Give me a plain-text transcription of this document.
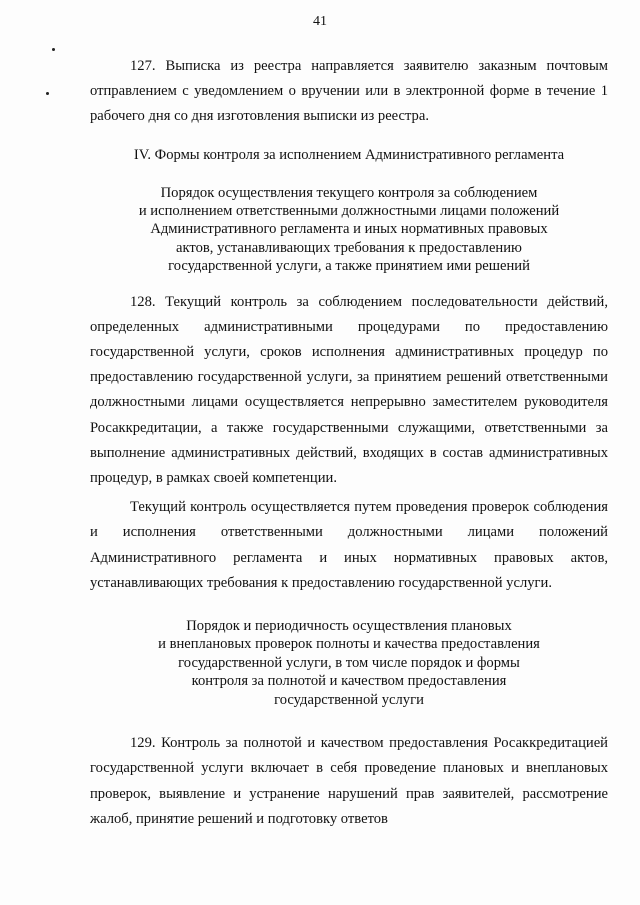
41

127. Выписка из реестра направляется заявителю заказным почтовым отправлением с уведомлением о вручении или в электронной форме в течение 1 рабочего дня со дня изготовления выписки из реестра.

IV. Формы контроля за исполнением Административного регламента

Порядок осуществления текущего контроля за соблюдением
и исполнением ответственными должностными лицами положений
Административного регламента и иных нормативных правовых
актов, устанавливающих требования к предоставлению
государственной услуги, а также принятием ими решений

128. Текущий контроль за соблюдением последовательности действий, определенных административными процедурами по предоставлению государственной услуги, сроков исполнения административных процедур по предоставлению государственной услуги, за принятием решений ответственными должностными лицами осуществляется непрерывно заместителем руководителя Росаккредитации, а также государственными служащими, ответственными за выполнение административных действий, входящих в состав административных процедур, в рамках своей компетенции.

Текущий контроль осуществляется путем проведения проверок соблюдения и исполнения ответственными должностными лицами положений Административного регламента и иных нормативных правовых актов, устанавливающих требования к предоставлению государственной услуги.

Порядок и периодичность осуществления плановых
и внеплановых проверок полноты и качества предоставления
государственной услуги, в том числе порядок и формы
контроля за полнотой и качеством предоставления
государственной услуги

129. Контроль за полнотой и качеством предоставления Росаккредитацией государственной услуги включает в себя проведение плановых и внеплановых проверок, выявление и устранение нарушений прав заявителей, рассмотрение жалоб, принятие решений и подготовку ответов
